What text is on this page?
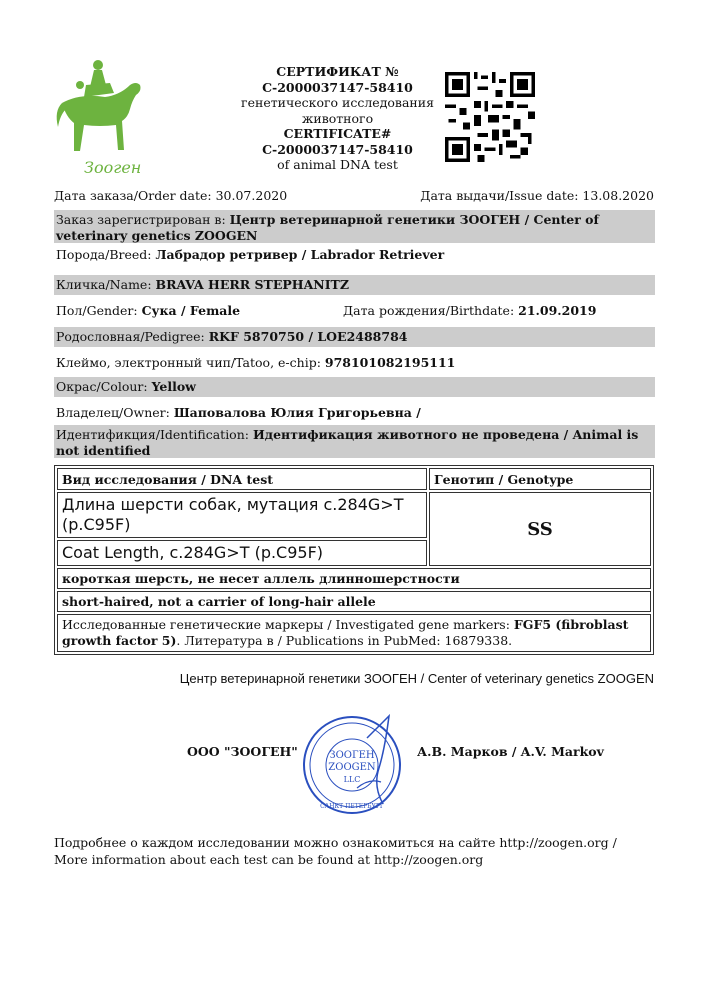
Зооген
СЕРТИФИКАТ №
С-2000037147-58410
генетического исследования
животного
CERTIFICATE#
С-2000037147-58410
of animal DNA test
Дата заказа/Order date: 30.07.2020	Дата выдачи/Issue date: 13.08.2020
Заказ зарегистрирован в: Центр ветеринарной генетики ЗООГЕН / Center of veterinary genetics ZOOGEN
Порода/Breed: Лабрадор ретривер / Labrador Retriever
Кличка/Name: BRAVA HERR STEPHANITZ
Пол/Gender: Сука / Female	Дата рождения/Birthdate: 21.09.2019
Родословная/Pedigree: RKF 5870750 / LOE2488784
Клеймо, электронный чип/Tatoo, e-chip: 978101082195111
Окрас/Colour: Yellow
Владелец/Owner: Шаповалова Юлия Григорьевна /
Идентификция/Identification: Идентификация животного не проведена / Animal is not identified
Вид исследования / DNA test	Генотип / Genotype
Длина шерсти собак, мутация c.284G>T (p.C95F)	SS
Coat Length, c.284G>T (p.C95F)	
короткая шерсть, не несет аллель длинношерстности	
short-haired, not a carrier of long-hair allele	
Исследованные генетические маркеры / Investigated gene markers: FGF5 (fibroblast growth factor 5). Литература в / Publications in PubMed: 16879338.	
Центр ветеринарной генетики ЗООГЕН / Center of veterinary genetics ZOOGEN
ООО "ЗООГЕН"	ЗООГЕН
ZOOGEN
LLC
САНКТ-ПЕТЕРБУРГ
А.В. Марков / A.V. Markov
Подробнее о каждом исследовании можно ознакомиться на сайте http://zoogen.org / More information about each test can be found at http://zoogen.org
